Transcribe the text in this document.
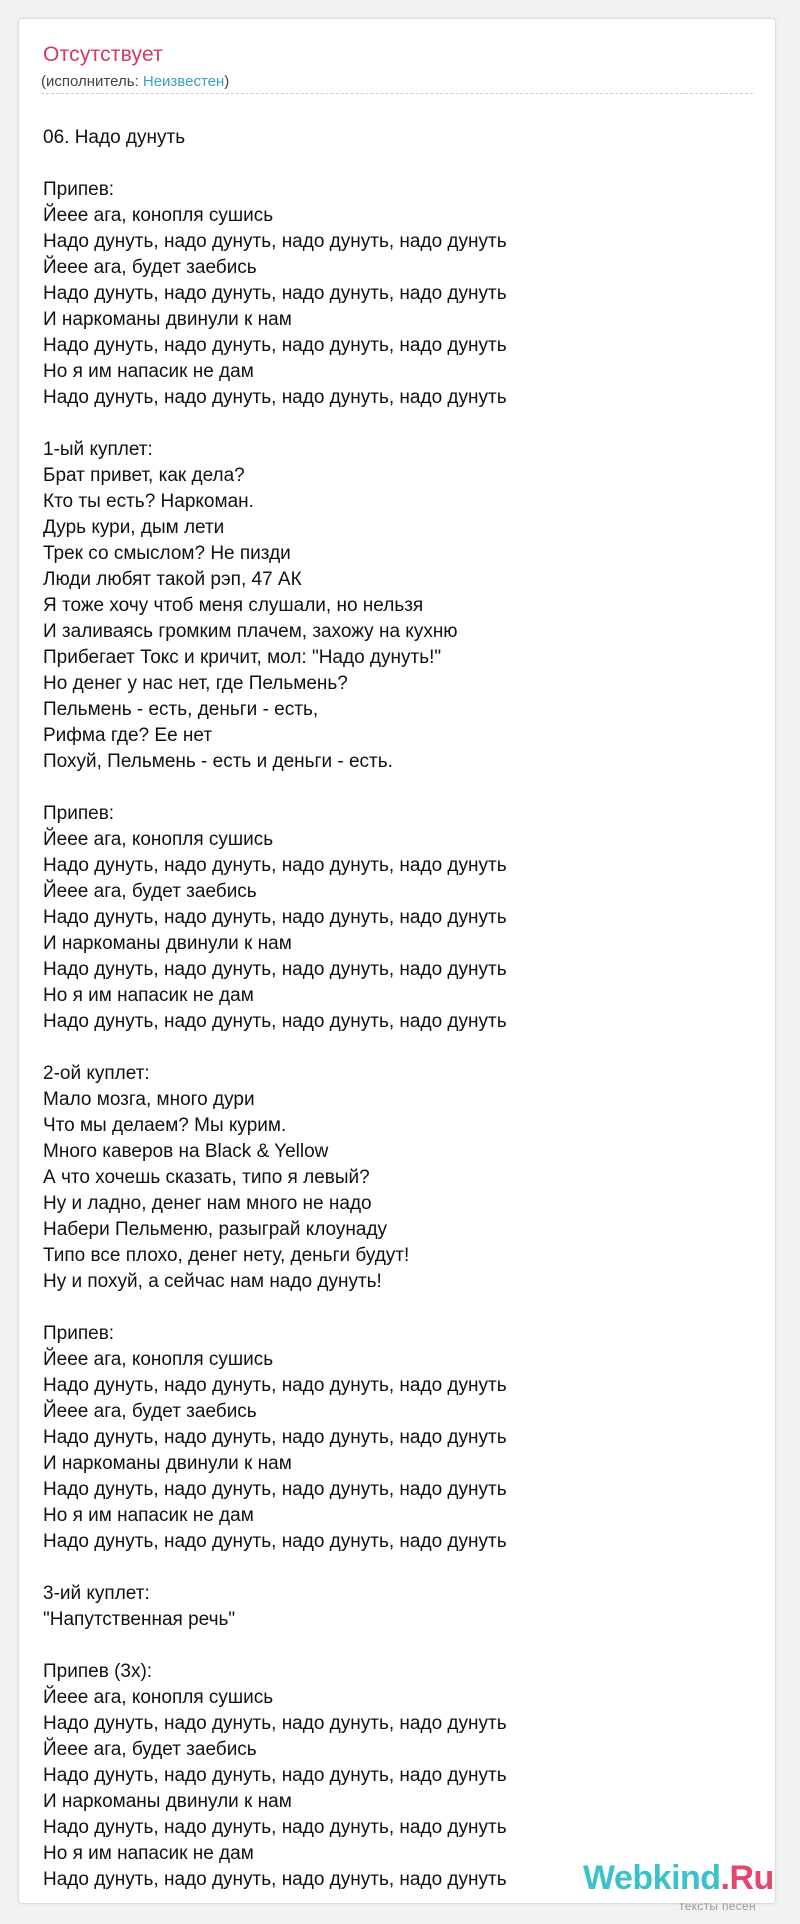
Отсутствует
(исполнитель: Неизвестен)
06. Надо дунуть
Припев:
Йеее ага, конопля сушись
Надо дунуть, надо дунуть, надо дунуть, надо дунуть
Йеее ага, будет заебись
Надо дунуть, надо дунуть, надо дунуть, надо дунуть
И наркоманы двинули к нам
Надо дунуть, надо дунуть, надо дунуть, надо дунуть
Но я им напасик не дам
Надо дунуть, надо дунуть, надо дунуть, надо дунуть
1-ый куплет:
Брат привет, как дела?
Кто ты есть? Наркоман.
Дурь кури, дым лети
Трек со смыслом? Не пизди
Люди любят такой рэп, 47 АК
Я тоже хочу чтоб меня слушали, но нельзя
И заливаясь громким плачем, захожу на кухню
Прибегает Токс и кричит, мол: "Надо дунуть!"
Но денег у нас нет, где Пельмень?
Пельмень - есть, деньги - есть,
Рифма где? Ее нет
Похуй, Пельмень - есть и деньги - есть.
Припев:
Йеее ага, конопля сушись
Надо дунуть, надо дунуть, надо дунуть, надо дунуть
Йеее ага, будет заебись
Надо дунуть, надо дунуть, надо дунуть, надо дунуть
И наркоманы двинули к нам
Надо дунуть, надо дунуть, надо дунуть, надо дунуть
Но я им напасик не дам
Надо дунуть, надо дунуть, надо дунуть, надо дунуть
2-ой куплет:
Мало мозга, много дури
Что мы делаем? Мы курим.
Много каверов на Black & Yellow
А что хочешь сказать, типо я левый?
Ну и ладно, денег нам много не надо
Набери Пельменю, разыграй клоунаду
Типо все плохо, денег нету, деньги будут!
Ну и похуй, а сейчас нам надо дунуть!
Припев:
Йеее ага, конопля сушись
Надо дунуть, надо дунуть, надо дунуть, надо дунуть
Йеее ага, будет заебись
Надо дунуть, надо дунуть, надо дунуть, надо дунуть
И наркоманы двинули к нам
Надо дунуть, надо дунуть, надо дунуть, надо дунуть
Но я им напасик не дам
Надо дунуть, надо дунуть, надо дунуть, надо дунуть
3-ий куплет:
"Напутственная речь"
Припев (3x):
Йеее ага, конопля сушись
Надо дунуть, надо дунуть, надо дунуть, надо дунуть
Йеее ага, будет заебись
Надо дунуть, надо дунуть, надо дунуть, надо дунуть
И наркоманы двинули к нам
Надо дунуть, надо дунуть, надо дунуть, надо дунуть
Но я им напасик не дам
Надо дунуть, надо дунуть, надо дунуть, надо дунуть	Webkind.Ru
тексты песен
